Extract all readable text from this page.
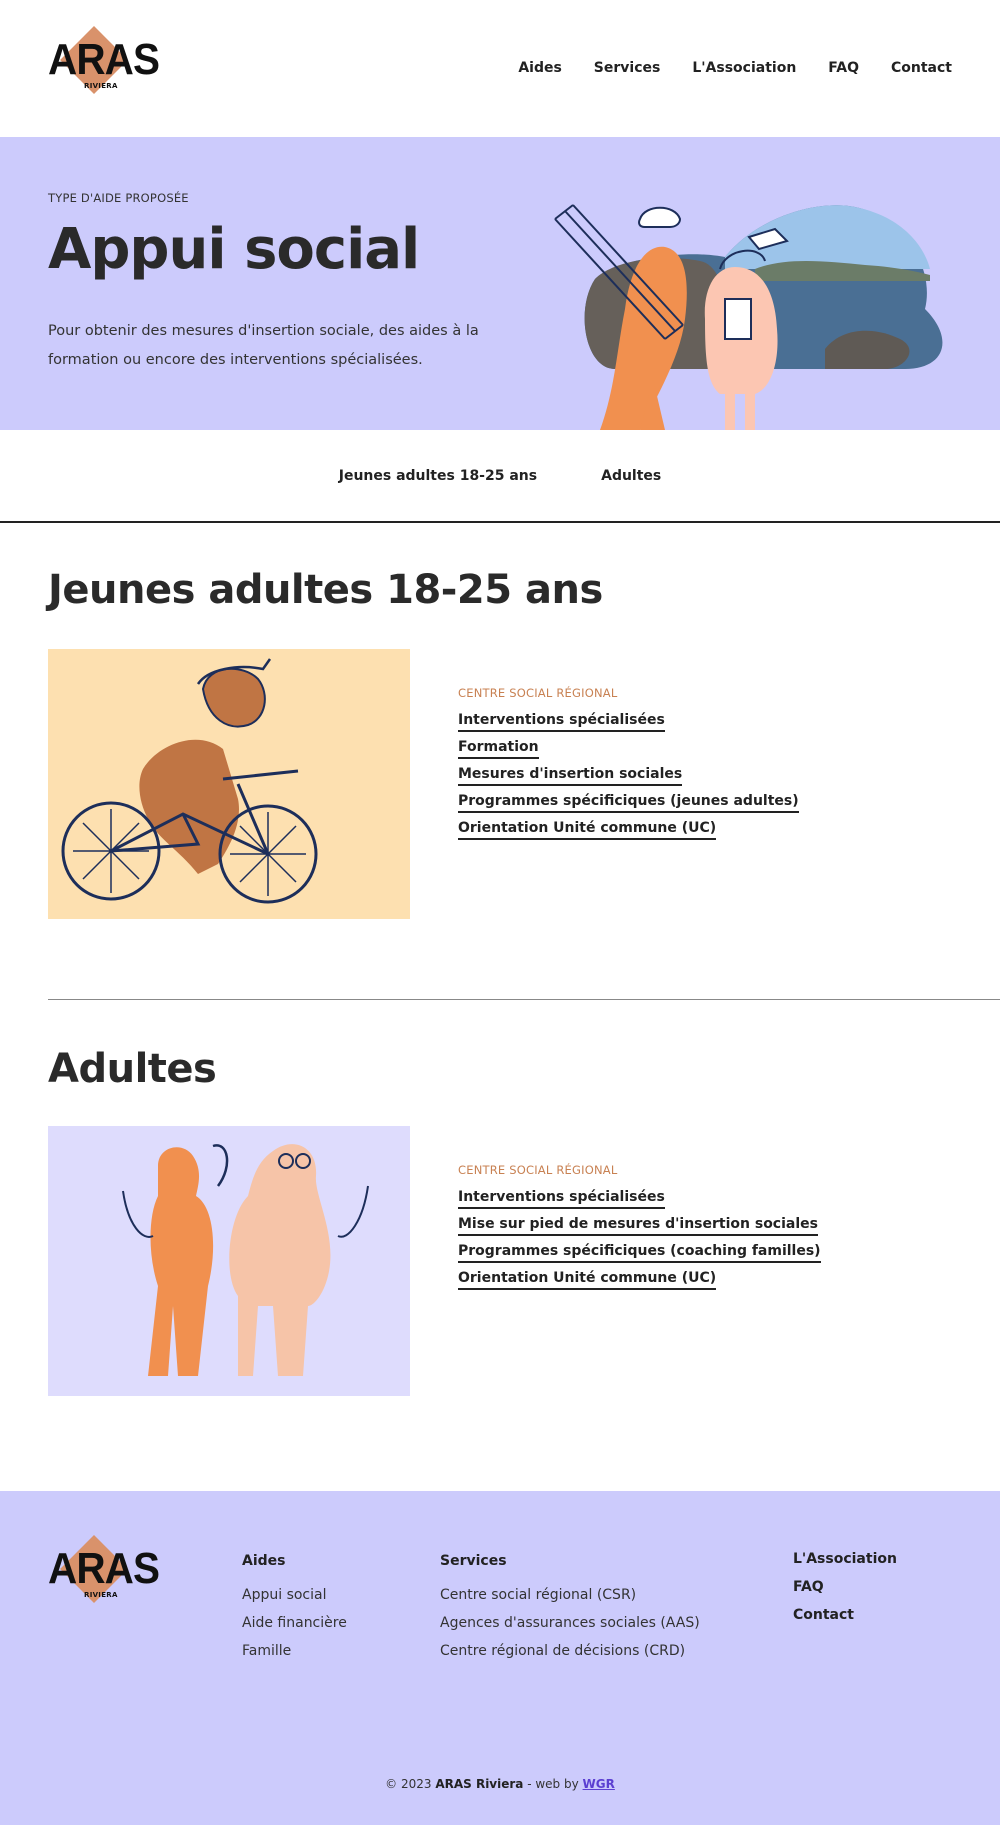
ARAS
RIVIERA
Aides Services L'Association FAQ Contact
TYPE D'AIDE PROPOSÉE
Appui social

Pour obtenir des mesures d'insertion sociale, des aides à la formation ou encore des interventions spécialisées.

Jeunes adultes 18-25 ans	Adultes
Jeunes adultes 18-25 ans
CENTRE SOCIAL RÉGIONAL
Interventions spécialisées
Formation
Mesures d'insertion sociales
Programmes spécificiques (jeunes adultes)
Orientation Unité commune (UC)
Adultes
CENTRE SOCIAL RÉGIONAL
Interventions spécialisées
Mise sur pied de mesures d'insertion sociales
Programmes spécificiques (coaching familles)
Orientation Unité commune (UC)
ARAS
RIVIERA
Aides
Appui social
Aide financière
Famille
Services
Centre social régional (CSR)
Agences d'assurances sociales (AAS)
Centre régional de décisions (CRD)
L'Association
FAQ
Contact
© 2023 ARAS Riviera - web by WGR
